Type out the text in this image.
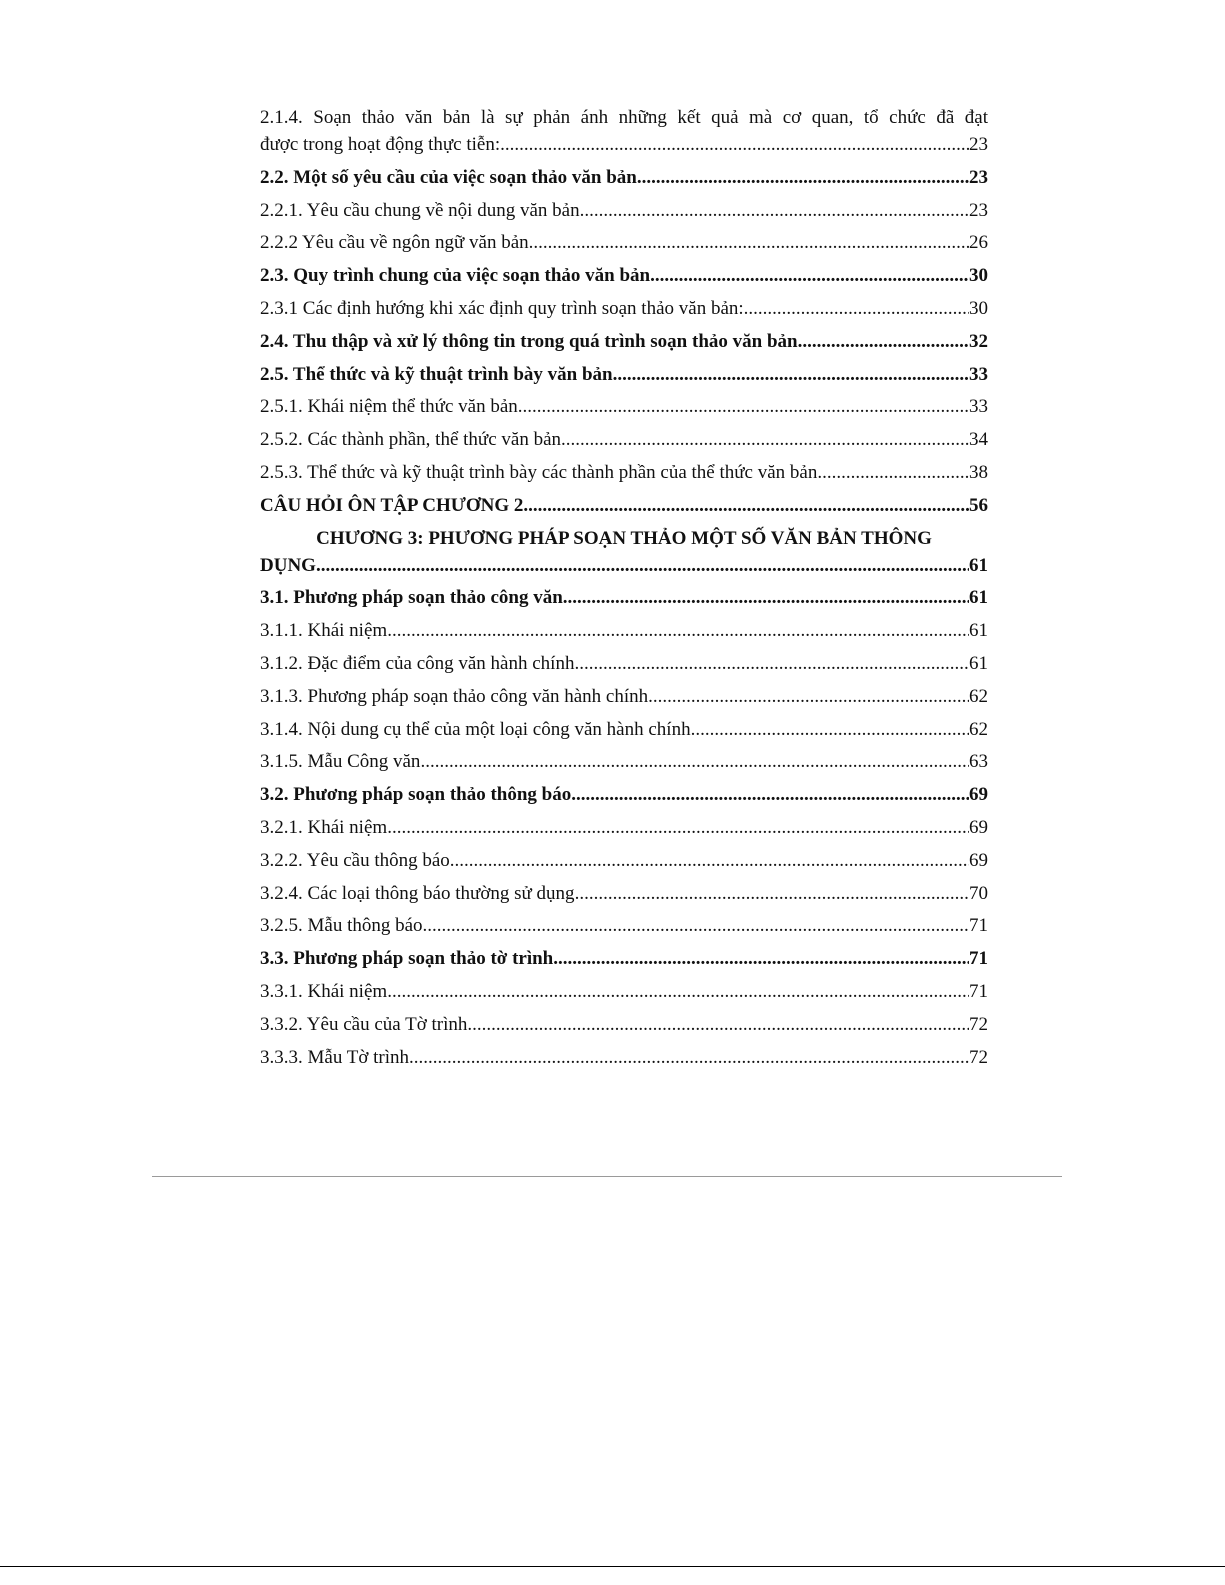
2.1.4. Soạn thảo văn bản là sự phản ánh những kết quả mà cơ quan, tổ chức đã đạt
được trong hoạt động thực tiễn: .....	23
2.2. Một số yêu cầu của việc soạn thảo văn bản .....	23
2.2.1. Yêu cầu chung về nội dung văn bản .....	23
2.2.2 Yêu cầu về ngôn ngữ văn bản .....	26
2.3. Quy trình chung của việc soạn thảo văn bản .....	30
2.3.1 Các định hướng khi xác định quy trình soạn thảo văn bản: .....	30
2.4. Thu thập và xử lý thông tin trong quá trình soạn thảo văn bản .....	32
2.5. Thể thức và kỹ thuật trình bày văn bản .....	33
2.5.1. Khái niệm thể thức văn bản .....	33
2.5.2. Các thành phần, thể thức văn bản .....	34
2.5.3. Thể thức và kỹ thuật trình bày các thành phần của thể thức văn bản .....	38
CÂU HỎI ÔN TẬP CHƯƠNG 2 .....	56
CHƯƠNG 3: PHƯƠNG PHÁP SOẠN THẢO MỘT SỐ VĂN BẢN THÔNG
DỤNG .....	61
3.1. Phương pháp soạn thảo công văn .....	61
3.1.1. Khái niệm .....	61
3.1.2. Đặc điểm của công văn hành chính .....	61
3.1.3. Phương pháp soạn thảo công văn hành chính .....	62
3.1.4. Nội dung cụ thể của một loại công văn hành chính .....	62
3.1.5. Mẫu Công văn .....	63
3.2. Phương pháp soạn thảo thông báo .....	69
3.2.1. Khái niệm .....	69
3.2.2. Yêu cầu thông báo .....	69
3.2.4. Các loại thông báo thường sử dụng .....	70
3.2.5. Mẫu thông báo .....	71
3.3. Phương pháp soạn thảo tờ trình .....	71
3.3.1. Khái niệm .....	71
3.3.2. Yêu cầu của Tờ trình .....	72
3.3.3. Mẫu Tờ trình .....	72
